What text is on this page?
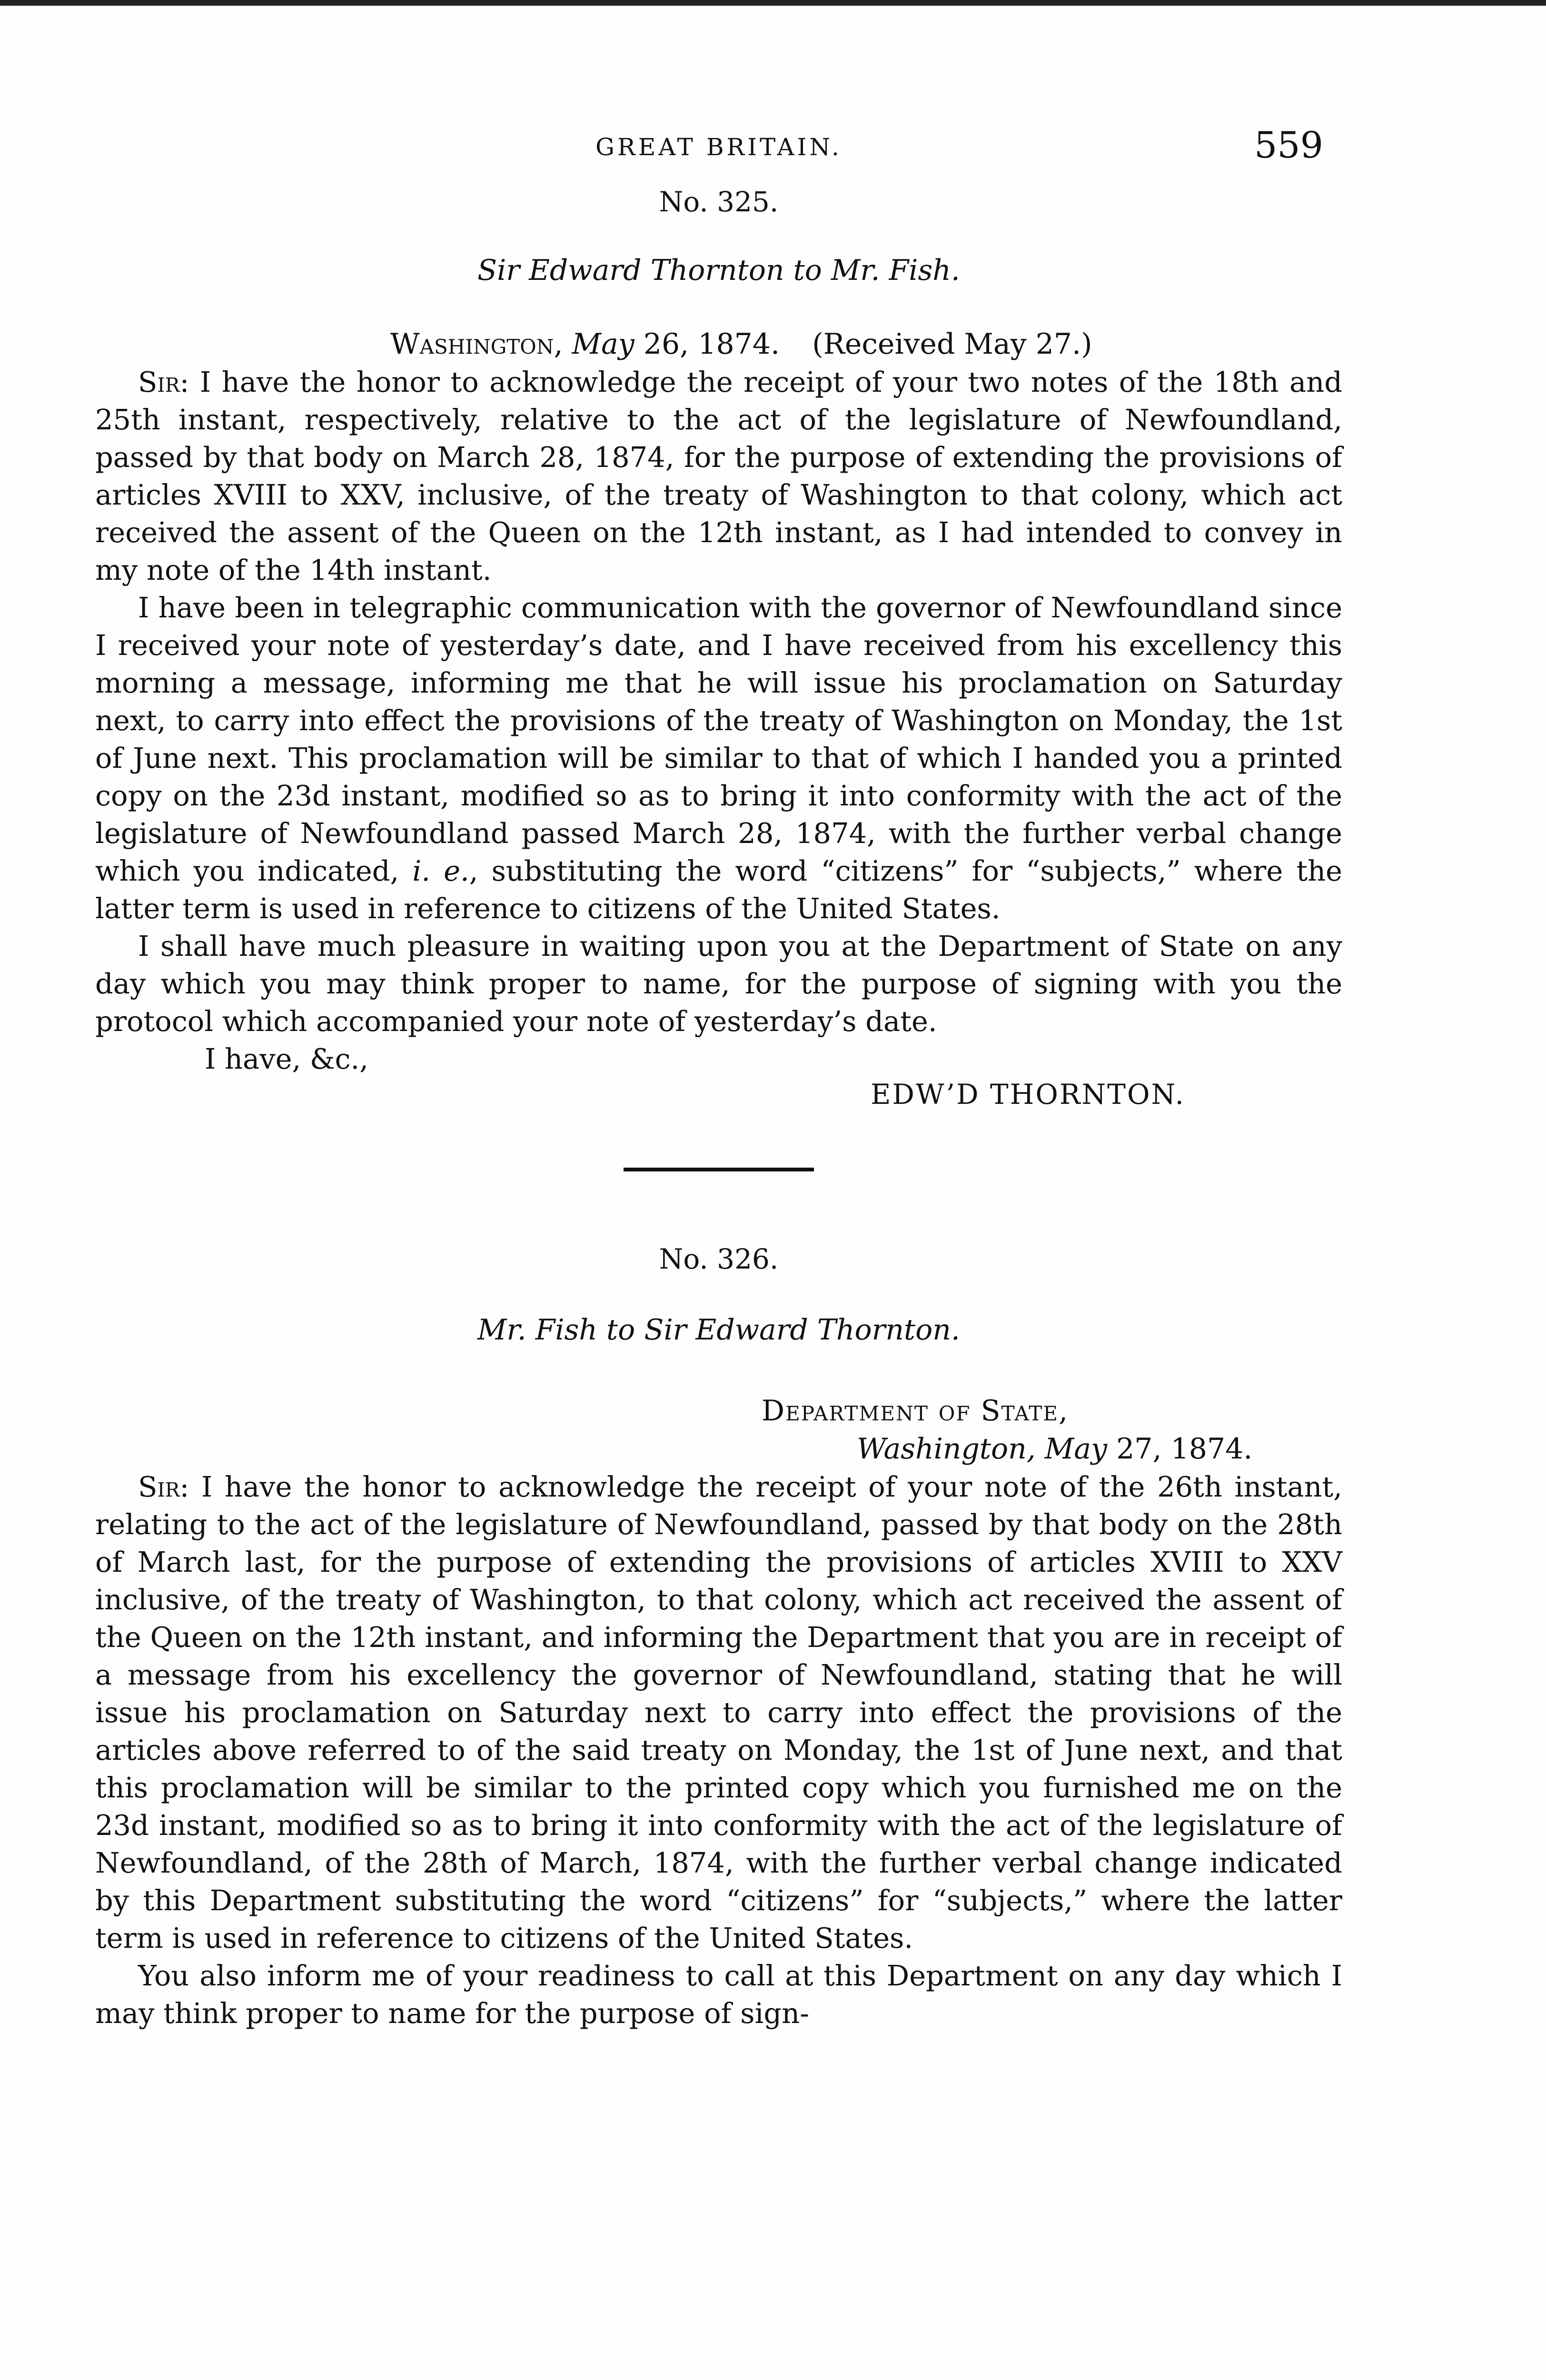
GREAT BRITAIN.	559
No. 325.
Sir Edward Thornton to Mr. Fish.
Washington, May 26, 1874. (Received May 27.)

Sir: I have the honor to acknowledge the receipt of your two notes of the 18th and 25th instant, respectively, relative to the act of the legislature of Newfoundland, passed by that body on March 28, 1874, for the purpose of extending the provisions of articles XVIII to XXV, inclusive, of the treaty of Washington to that colony, which act received the assent of the Queen on the 12th instant, as I had intended to convey in my note of the 14th instant.

I have been in telegraphic communication with the governor of Newfoundland since I received your note of yesterday’s date, and I have received from his excellency this morning a message, informing me that he will issue his proclamation on Saturday next, to carry into effect the provisions of the treaty of Washington on Monday, the 1st of June next. This proclamation will be similar to that of which I handed you a printed copy on the 23d instant, modified so as to bring it into conformity with the act of the legislature of Newfoundland passed March 28, 1874, with the further verbal change which you indicated, i. e., substituting the word “citizens” for “subjects,” where the latter term is used in reference to citizens of the United States.

I shall have much pleasure in waiting upon you at the Department of State on any day which you may think proper to name, for the purpose of signing with you the protocol which accompanied your note of yesterday’s date.

I have, &c.,
EDW’D THORNTON.
No. 326.
Mr. Fish to Sir Edward Thornton.
Department of State,
Washington, May 27, 1874.

Sir: I have the honor to acknowledge the receipt of your note of the 26th instant, relating to the act of the legislature of Newfoundland, passed by that body on the 28th of March last, for the purpose of extending the provisions of articles XVIII to XXV inclusive, of the treaty of Washington, to that colony, which act received the assent of the Queen on the 12th instant, and informing the Department that you are in receipt of a message from his excellency the governor of Newfoundland, stating that he will issue his proclamation on Saturday next to carry into effect the provisions of the articles above referred to of the said treaty on Monday, the 1st of June next, and that this proclamation will be similar to the printed copy which you furnished me on the 23d instant, modified so as to bring it into conformity with the act of the legislature of Newfoundland, of the 28th of March, 1874, with the further verbal change indicated by this Department substituting the word “citizens” for “subjects,” where the latter term is used in reference to citizens of the United States.

You also inform me of your readiness to call at this Department on any day which I may think proper to name for the purpose of sign-
